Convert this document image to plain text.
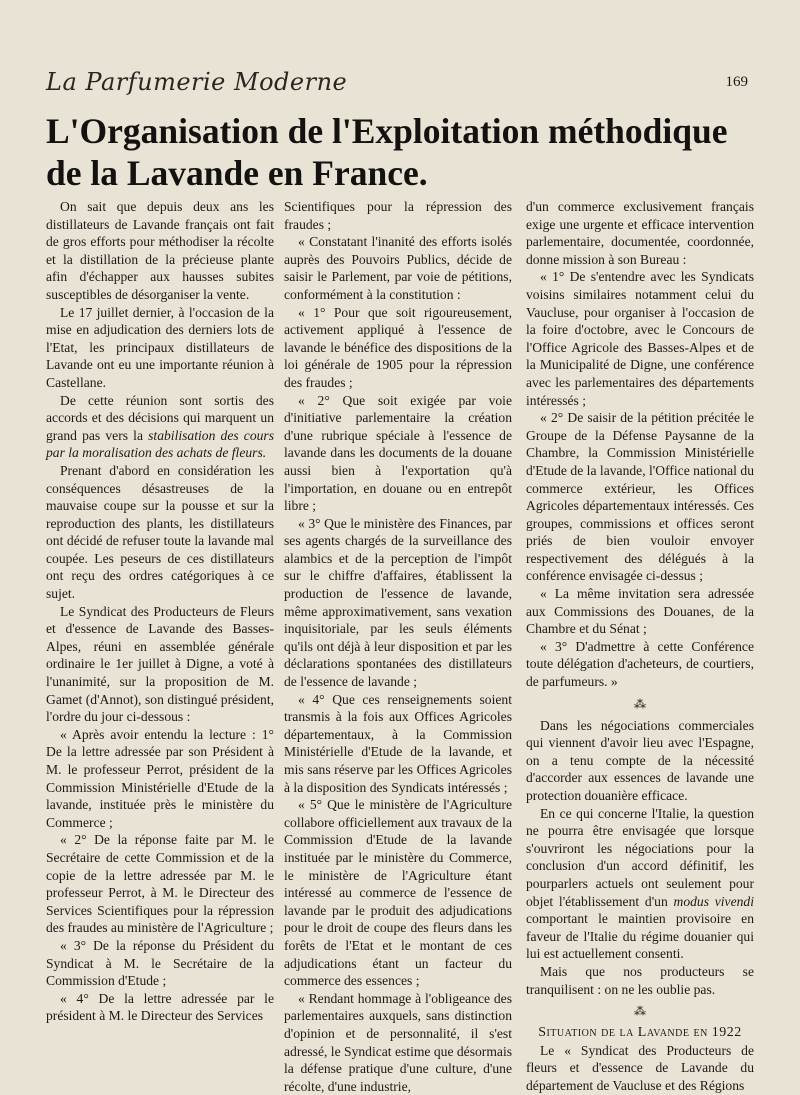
La Parfumerie Moderne	169
L'Organisation de l'Exploitation méthodique de la Lavande en France.

On sait que depuis deux ans les distillateurs de Lavande français ont fait de gros efforts pour méthodiser la récolte et la distillation de la précieuse plante afin d'échapper aux hausses subites susceptibles de désorganiser la vente.

Le 17 juillet dernier, à l'occasion de la mise en adjudication des derniers lots de l'Etat, les principaux distillateurs de Lavande ont eu une importante réunion à Castellane.

De cette réunion sont sortis des accords et des décisions qui marquent un grand pas vers la stabilisation des cours par la moralisation des achats de fleurs.

Prenant d'abord en considération les conséquences désastreuses de la mauvaise coupe sur la pousse et sur la reproduction des plants, les distillateurs ont décidé de refuser toute la lavande mal coupée. Les peseurs de ces distillateurs ont reçu des ordres catégoriques à ce sujet.

Le Syndicat des Producteurs de Fleurs et d'essence de Lavande des Basses-Alpes, réuni en assemblée générale ordinaire le 1er juillet à Digne, a voté à l'unanimité, sur la proposition de M. Gamet (d'Annot), son distingué président, l'ordre du jour ci-dessous :

« Après avoir entendu la lecture : 1° De la lettre adressée par son Président à M. le professeur Perrot, président de la Commission Ministérielle d'Etude de la lavande, instituée près le ministère du Commerce ;

« 2° De la réponse faite par M. le Secrétaire de cette Commission et de la copie de la lettre adressée par M. le professeur Perrot, à M. le Directeur des Services Scientifiques pour la répression des fraudes au ministère de l'Agriculture ;

« 3° De la réponse du Président du Syndicat à M. le Secrétaire de la Commission d'Etude ;

« 4° De la lettre adressée par le président à M. le Directeur des Services

Scientifiques pour la répression des fraudes ;

« Constatant l'inanité des efforts isolés auprès des Pouvoirs Publics, décide de saisir le Parlement, par voie de pétitions, conformément à la constitution :

« 1° Pour que soit rigoureusement, activement appliqué à l'essence de lavande le bénéfice des dispositions de la loi générale de 1905 pour la répression des fraudes ;

« 2° Que soit exigée par voie d'initiative parlementaire la création d'une rubrique spéciale à l'essence de lavande dans les documents de la douane aussi bien à l'exportation qu'à l'importation, en douane ou en entrepôt libre ;

« 3° Que le ministère des Finances, par ses agents chargés de la surveillance des alambics et de la perception de l'impôt sur le chiffre d'affaires, établissent la production de l'essence de lavande, même approximativement, sans vexation inquisitoriale, par les seuls éléments qu'ils ont déjà à leur disposition et par les déclarations spontanées des distillateurs de l'essence de lavande ;

« 4° Que ces renseignements soient transmis à la fois aux Offices Agricoles départementaux, à la Commission Ministérielle d'Etude de la lavande, et mis sans réserve par les Offices Agricoles à la disposition des Syndicats intéressés ;

« 5° Que le ministère de l'Agriculture collabore officiellement aux travaux de la Commission d'Etude de la lavande instituée par le ministère du Commerce, le ministère de l'Agriculture étant intéressé au commerce de l'essence de lavande par le produit des adjudications pour le droit de coupe des fleurs dans les forêts de l'Etat et le montant de ces adjudications étant un facteur du commerce des essences ;

« Rendant hommage à l'obligeance des parlementaires auxquels, sans distinction d'opinion et de personnalité, il s'est adressé, le Syndicat estime que désormais la défense pratique d'une culture, d'une récolte, d'une industrie,

d'un commerce exclusivement français exige une urgente et efficace intervention parlementaire, documentée, coordonnée, donne mission à son Bureau :

« 1° De s'entendre avec les Syndicats voisins similaires notamment celui du Vaucluse, pour organiser à l'occasion de la foire d'octobre, avec le Concours de l'Office Agricole des Basses-Alpes et de la Municipalité de Digne, une conférence avec les parlementaires des départements intéressés ;

« 2° De saisir de la pétition précitée le Groupe de la Défense Paysanne de la Chambre, la Commission Ministérielle d'Etude de la lavande, l'Office national du commerce extérieur, les Offices Agricoles départementaux intéressés. Ces groupes, commissions et offices seront priés de bien vouloir envoyer respectivement des délégués à la conférence envisagée ci-dessus ;

« La même invitation sera adressée aux Commissions des Douanes, de la Chambre et du Sénat ;

« 3° D'admettre à cette Conférence toute délégation d'acheteurs, de courtiers, de parfumeurs. »

⁂

Dans les négociations commerciales qui viennent d'avoir lieu avec l'Espagne, on a tenu compte de la nécessité d'accorder aux essences de lavande une protection douanière efficace.

En ce qui concerne l'Italie, la question ne pourra être envisagée que lorsque s'ouvriront les négociations pour la conclusion d'un accord définitif, les pourparlers actuels ont seulement pour objet l'établissement d'un modus vivendi comportant le maintien provisoire en faveur de l'Italie du régime douanier qui lui est actuellement consenti.

Mais que nos producteurs se tranquilisent : on ne les oublie pas.

⁂

Situation de la Lavande en 1922

Le « Syndicat des Producteurs de fleurs et d'essence de Lavande du département de Vaucluse et des Régions
